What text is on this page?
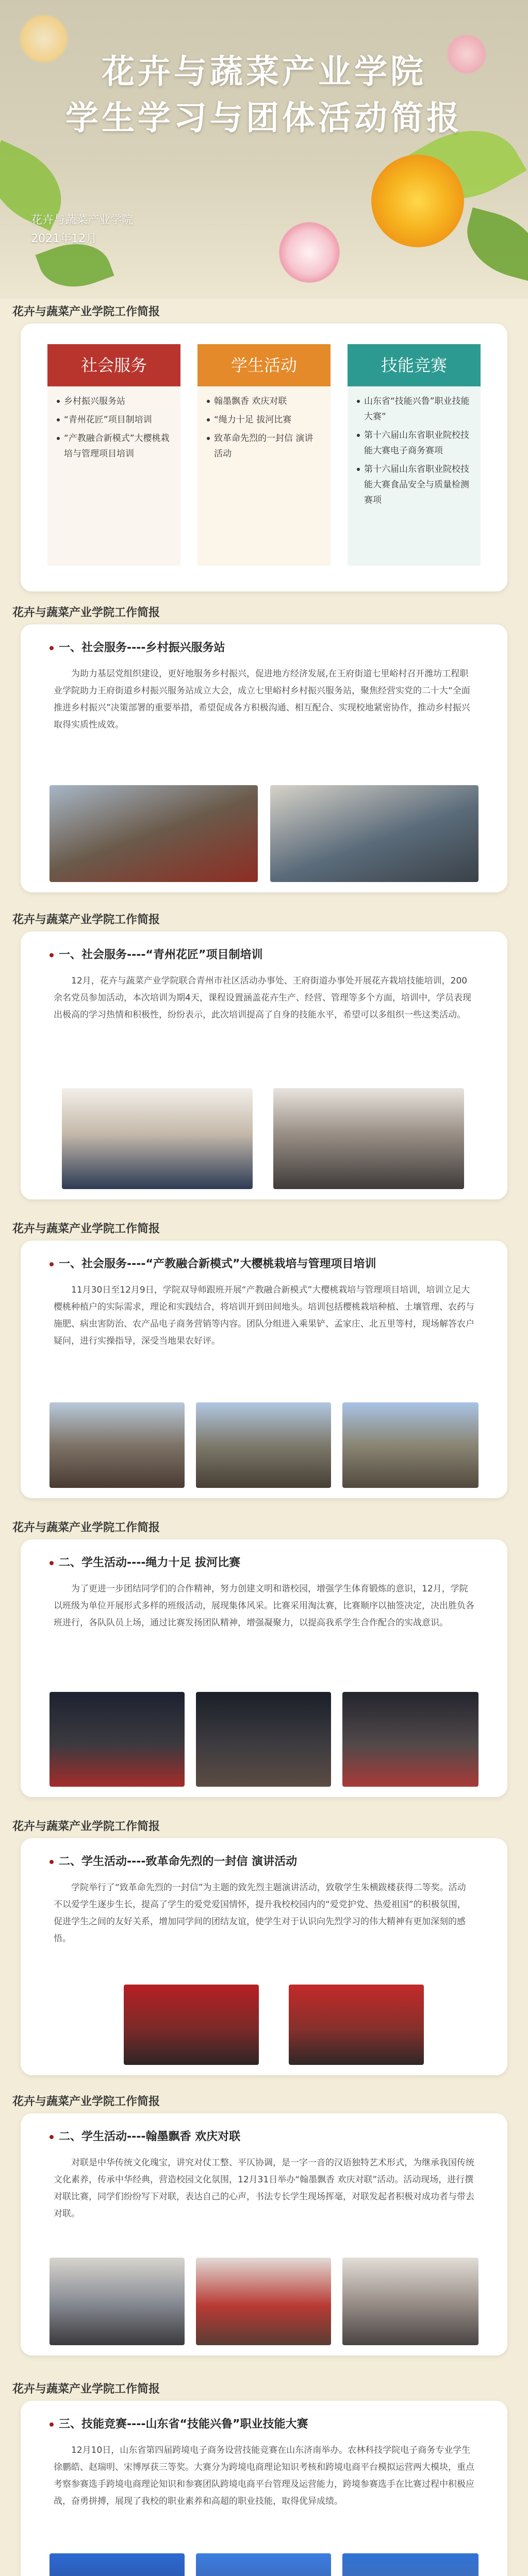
花卉与蔬菜产业学院
学生学习与团体活动简报
花卉与蔬菜产业学院
2021年12月
花卉与蔬菜产业学院工作简报
社会服务
乡村振兴服务站
“青州花匠”项目制培训
“产教融合新模式”大樱桃栽培与管理项目培训
学生活动
翰墨飘香 欢庆对联
“绳力十足 拔河比赛
致革命先烈的一封信 演讲活动
技能竞赛
山东省“技能兴鲁”职业技能大赛”
第十六届山东省职业院校技能大赛电子商务赛项
第十六届山东省职业院校技能大赛食品安全与质量检测赛项
花卉与蔬菜产业学院工作简报
一、社会服务----乡村振兴服务站
为助力基层党组织建设，更好地服务乡村振兴，促进地方经济发展,在王府街道七里峪村召开潍坊工程职业学院助力王府街道乡村振兴服务站成立大会，成立七里峪村乡村振兴服务站，聚焦经营实党的二十大“全面推进乡村振兴”决策部署的重要举措，希望促成各方积极沟通、相互配合、实现校地紧密协作，推动乡村振兴取得实质性成效。
花卉与蔬菜产业学院工作简报
一、社会服务----“青州花匠”项目制培训
12月，花卉与蔬菜产业学院联合青州市社区活动办事处、王府街道办事处开展花卉栽培技能培训，200余名党员参加活动，本次培训为期4天，课程设置涵盖花卉生产、经营、管理等多个方面，培训中，学员表现出极高的学习热情和积极性，纷纷表示，此次培训提高了自身的技能水平，希望可以多组织一些这类活动。
花卉与蔬菜产业学院工作简报
一、社会服务----“产教融合新模式”大樱桃栽培与管理项目培训
11月30日至12月9日，学院双导师跟班开展“产教融合新模式”大樱桃栽培与管理项目培训，培训立足大樱桃种植户的实际需求，理论和实践结合，将培训开到田间地头。培训包括樱桃栽培种植、土壤管理、农药与施肥、病虫害防治、农产品电子商务营销等内容。团队分组进入乘果铲、孟家庄、北五里等村，现场解答农户疑问，进行实操指导，深受当地果农好评。
花卉与蔬菜产业学院工作简报
二、学生活动----绳力十足 拔河比赛
为了更进一步团结同学们的合作精神，努力创建文明和谐校园，增强学生体育锻炼的意识，12月，学院以班级为单位开展形式多样的班级活动，展现集体风采。比赛采用淘汰赛，比赛顺序以抽签决定，决出胜负各班进行，各队队员上场，通过比赛发扬团队精神，增强凝聚力，以提高我系学生合作配合的实战意识。
花卉与蔬菜产业学院工作简报
二、学生活动----致革命先烈的一封信 演讲活动
学院举行了“致革命先烈的一封信”为主题的致先烈主题演讲活动，致敬学生朱横跋楼获得二等奖。活动不以爱学生逐步生长，提高了学生的爱党爱国情怀，提升我校校园内的“爱党护党、热爱祖国”的积极氛围，促进学生之间的友好关系，增加同学间的团结友谊，使学生对于认识向先烈学习的伟大精神有更加深刻的感悟。
花卉与蔬菜产业学院工作简报
二、学生活动----翰墨飘香 欢庆对联
对联是中华传统文化瑰宝，讲究对仗工整、平仄协调，是一字一音的汉语独特艺术形式，为继承我国传统文化素养，传承中华经典，营造校园文化氛围，12月31日举办“翰墨飘香 欢庆对联”活动。活动现场，进行撰对联比赛，同学们纷纷写下对联，表达自己的心声，书法专长学生现场挥毫，对联发起者积极对成功者与带去对联。
花卉与蔬菜产业学院工作简报
三、技能竞赛----山东省“技能兴鲁”职业技能大赛
12月10日，山东省第四届跨境电子商务设营技能竞赛在山东济南举办。农林科技学院电子商务专业学生徐鹏皓、赵瑞明、宋博厚获三等奖。大赛分为跨境电商理论知识考核和跨境电商平台模拟运营两大模块，重点考察参赛选手跨境电商理论知识和参赛团队跨境电商平台管理及运营能力，跨境参赛选手在比赛过程中积极应战，奋勇拼搏，展现了我校的职业素养和高超的职业技能，取得优异成绩。
